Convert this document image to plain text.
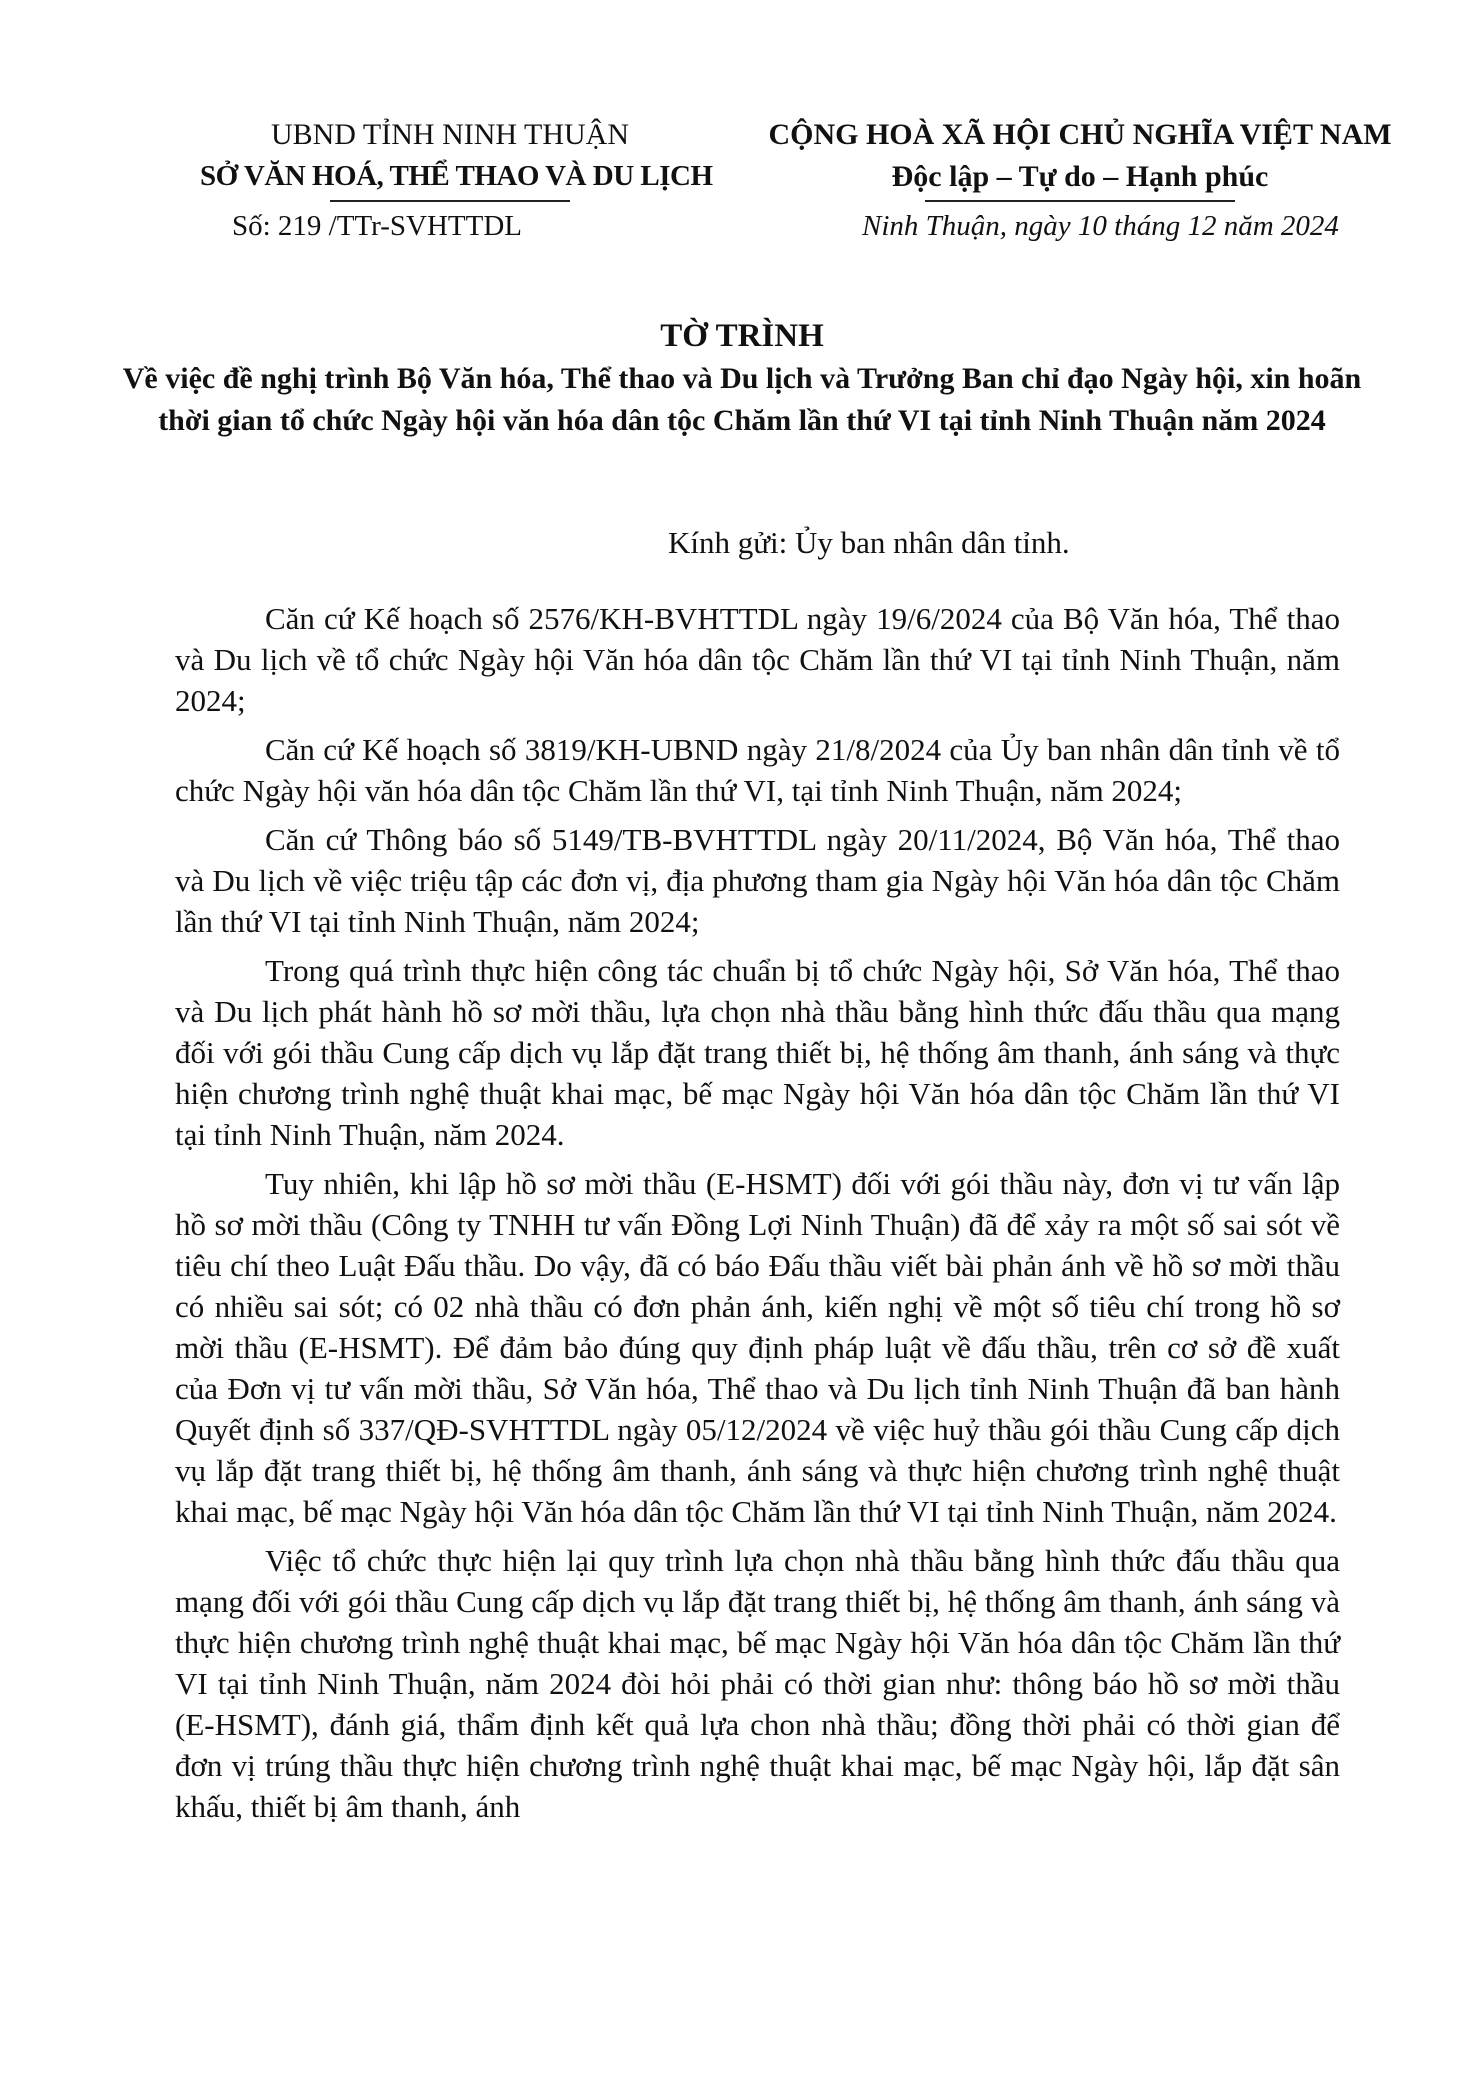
UBND TỈNH NINH THUẬN
SỞ VĂN HOÁ, THỂ THAO VÀ DU LỊCH
Số: 219 /TTr-SVHTTDL
CỘNG HOÀ XÃ HỘI CHỦ NGHĨA VIỆT NAM
Độc lập – Tự do – Hạnh phúc
Ninh Thuận, ngày 10 tháng 12 năm 2024
TỜ TRÌNH
Về việc đề nghị trình Bộ Văn hóa, Thể thao và Du lịch và Trưởng Ban chỉ đạo Ngày hội, xin hoãn thời gian tổ chức Ngày hội văn hóa dân tộc Chăm lần thứ VI tại tỉnh Ninh Thuận năm 2024
Kính gửi: Ủy ban nhân dân tỉnh.

Căn cứ Kế hoạch số 2576/KH-BVHTTDL ngày 19/6/2024 của Bộ Văn hóa, Thể thao và Du lịch về tổ chức Ngày hội Văn hóa dân tộc Chăm lần thứ VI tại tỉnh Ninh Thuận, năm 2024;

Căn cứ Kế hoạch số 3819/KH-UBND ngày 21/8/2024 của Ủy ban nhân dân tỉnh về tổ chức Ngày hội văn hóa dân tộc Chăm lần thứ VI, tại tỉnh Ninh Thuận, năm 2024;

Căn cứ Thông báo số 5149/TB-BVHTTDL ngày 20/11/2024, Bộ Văn hóa, Thể thao và Du lịch về việc triệu tập các đơn vị, địa phương tham gia Ngày hội Văn hóa dân tộc Chăm lần thứ VI tại tỉnh Ninh Thuận, năm 2024;

Trong quá trình thực hiện công tác chuẩn bị tổ chức Ngày hội, Sở Văn hóa, Thể thao và Du lịch phát hành hồ sơ mời thầu, lựa chọn nhà thầu bằng hình thức đấu thầu qua mạng đối với gói thầu Cung cấp dịch vụ lắp đặt trang thiết bị, hệ thống âm thanh, ánh sáng và thực hiện chương trình nghệ thuật khai mạc, bế mạc Ngày hội Văn hóa dân tộc Chăm lần thứ VI tại tỉnh Ninh Thuận, năm 2024.

Tuy nhiên, khi lập hồ sơ mời thầu (E-HSMT) đối với gói thầu này, đơn vị tư vấn lập hồ sơ mời thầu (Công ty TNHH tư vấn Đồng Lợi Ninh Thuận) đã để xảy ra một số sai sót về tiêu chí theo Luật Đấu thầu. Do vậy, đã có báo Đấu thầu viết bài phản ánh về hồ sơ mời thầu có nhiều sai sót; có 02 nhà thầu có đơn phản ánh, kiến nghị về một số tiêu chí trong hồ sơ mời thầu (E-HSMT). Để đảm bảo đúng quy định pháp luật về đấu thầu, trên cơ sở đề xuất của Đơn vị tư vấn mời thầu, Sở Văn hóa, Thể thao và Du lịch tỉnh Ninh Thuận đã ban hành Quyết định số 337/QĐ-SVHTTDL ngày 05/12/2024 về việc huỷ thầu gói thầu Cung cấp dịch vụ lắp đặt trang thiết bị, hệ thống âm thanh, ánh sáng và thực hiện chương trình nghệ thuật khai mạc, bế mạc Ngày hội Văn hóa dân tộc Chăm lần thứ VI tại tỉnh Ninh Thuận, năm 2024.

Việc tổ chức thực hiện lại quy trình lựa chọn nhà thầu bằng hình thức đấu thầu qua mạng đối với gói thầu Cung cấp dịch vụ lắp đặt trang thiết bị, hệ thống âm thanh, ánh sáng và thực hiện chương trình nghệ thuật khai mạc, bế mạc Ngày hội Văn hóa dân tộc Chăm lần thứ VI tại tỉnh Ninh Thuận, năm 2024 đòi hỏi phải có thời gian như: thông báo hồ sơ mời thầu (E-HSMT), đánh giá, thẩm định kết quả lựa chon nhà thầu; đồng thời phải có thời gian để đơn vị trúng thầu thực hiện chương trình nghệ thuật khai mạc, bế mạc Ngày hội, lắp đặt sân khấu, thiết bị âm thanh, ánh
